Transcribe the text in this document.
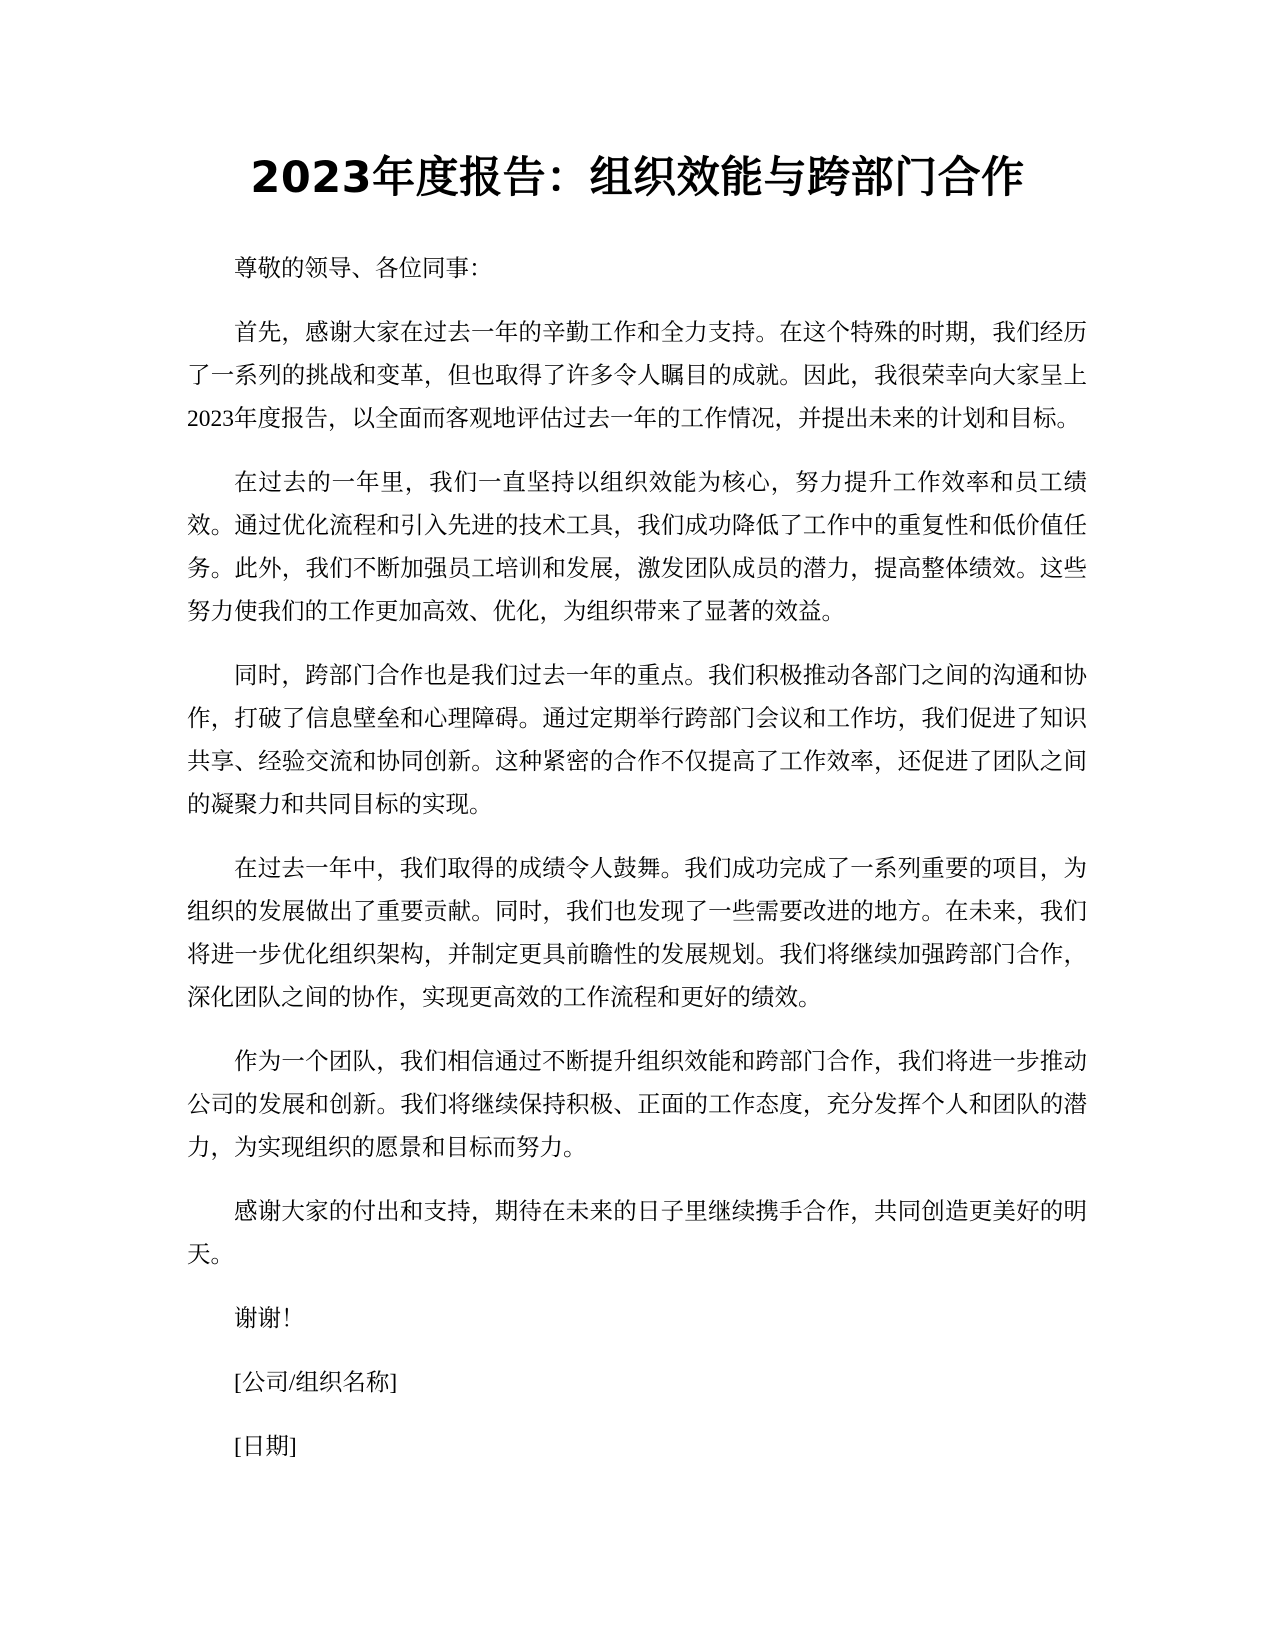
2023年度报告：组织效能与跨部门合作

尊敬的领导、各位同事：

首先，感谢大家在过去一年的辛勤工作和全力支持。在这个特殊的时期，我们经历了一系列的挑战和变革，但也取得了许多令人瞩目的成就。因此，我很荣幸向大家呈上2023年度报告，以全面而客观地评估过去一年的工作情况，并提出未来的计划和目标。

在过去的一年里，我们一直坚持以组织效能为核心，努力提升工作效率和员工绩效。通过优化流程和引入先进的技术工具，我们成功降低了工作中的重复性和低价值任务。此外，我们不断加强员工培训和发展，激发团队成员的潜力，提高整体绩效。这些努力使我们的工作更加高效、优化，为组织带来了显著的效益。

同时，跨部门合作也是我们过去一年的重点。我们积极推动各部门之间的沟通和协作，打破了信息壁垒和心理障碍。通过定期举行跨部门会议和工作坊，我们促进了知识共享、经验交流和协同创新。这种紧密的合作不仅提高了工作效率，还促进了团队之间的凝聚力和共同目标的实现。

在过去一年中，我们取得的成绩令人鼓舞。我们成功完成了一系列重要的项目，为组织的发展做出了重要贡献。同时，我们也发现了一些需要改进的地方。在未来，我们将进一步优化组织架构，并制定更具前瞻性的发展规划。我们将继续加强跨部门合作，深化团队之间的协作，实现更高效的工作流程和更好的绩效。

作为一个团队，我们相信通过不断提升组织效能和跨部门合作，我们将进一步推动公司的发展和创新。我们将继续保持积极、正面的工作态度，充分发挥个人和团队的潜力，为实现组织的愿景和目标而努力。

感谢大家的付出和支持，期待在未来的日子里继续携手合作，共同创造更美好的明天。

谢谢！

[公司/组织名称]

[日期]
